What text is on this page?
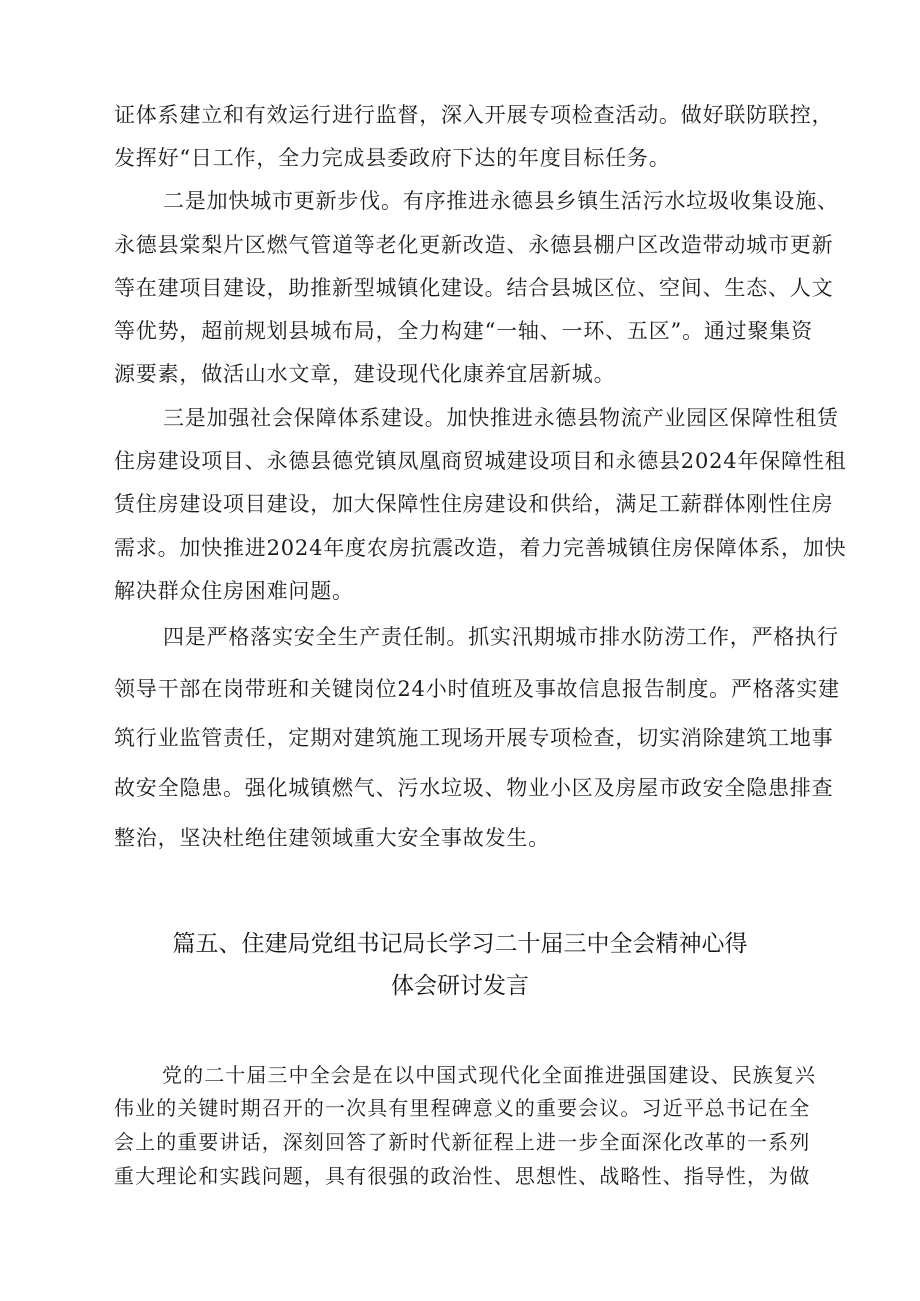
证体系建立和有效运行进行监督，深入开展专项检查活动。做好联防联控，

发挥好“日工作，全力完成县委政府下达的年度目标任务。

二是加快城市更新步伐。有序推进永德县乡镇生活污水垃圾收集设施、

永德县棠梨片区燃气管道等老化更新改造、永德县棚户区改造带动城市更新

等在建项目建设，助推新型城镇化建设。结合县城区位、空间、生态、人文

等优势，超前规划县城布局，全力构建“一轴、一环、五区”。通过聚集资

源要素，做活山水文章，建设现代化康养宜居新城。

三是加强社会保障体系建设。加快推进永德县物流产业园区保障性租赁

住房建设项目、永德县德党镇凤凰商贸城建设项目和永德县2024年保障性租

赁住房建设项目建设，加大保障性住房建设和供给，满足工薪群体刚性住房

需求。加快推进2024年度农房抗震改造，着力完善城镇住房保障体系，加快

解决群众住房困难问题。

四是严格落实安全生产责任制。抓实汛期城市排水防涝工作，严格执行

领导干部在岗带班和关键岗位24小时值班及事故信息报告制度。严格落实建

筑行业监管责任，定期对建筑施工现场开展专项检查，切实消除建筑工地事

故安全隐患。强化城镇燃气、污水垃圾、物业小区及房屋市政安全隐患排查

整治，坚决杜绝住建领域重大安全事故发生。

篇五、住建局党组书记局长学习二十届三中全会精神心得
体会研讨发言

党的二十届三中全会是在以中国式现代化全面推进强国建设、民族复兴

伟业的关键时期召开的一次具有里程碑意义的重要会议。习近平总书记在全

会上的重要讲话，深刻回答了新时代新征程上进一步全面深化改革的一系列

重大理论和实践问题，具有很强的政治性、思想性、战略性、指导性，为做
